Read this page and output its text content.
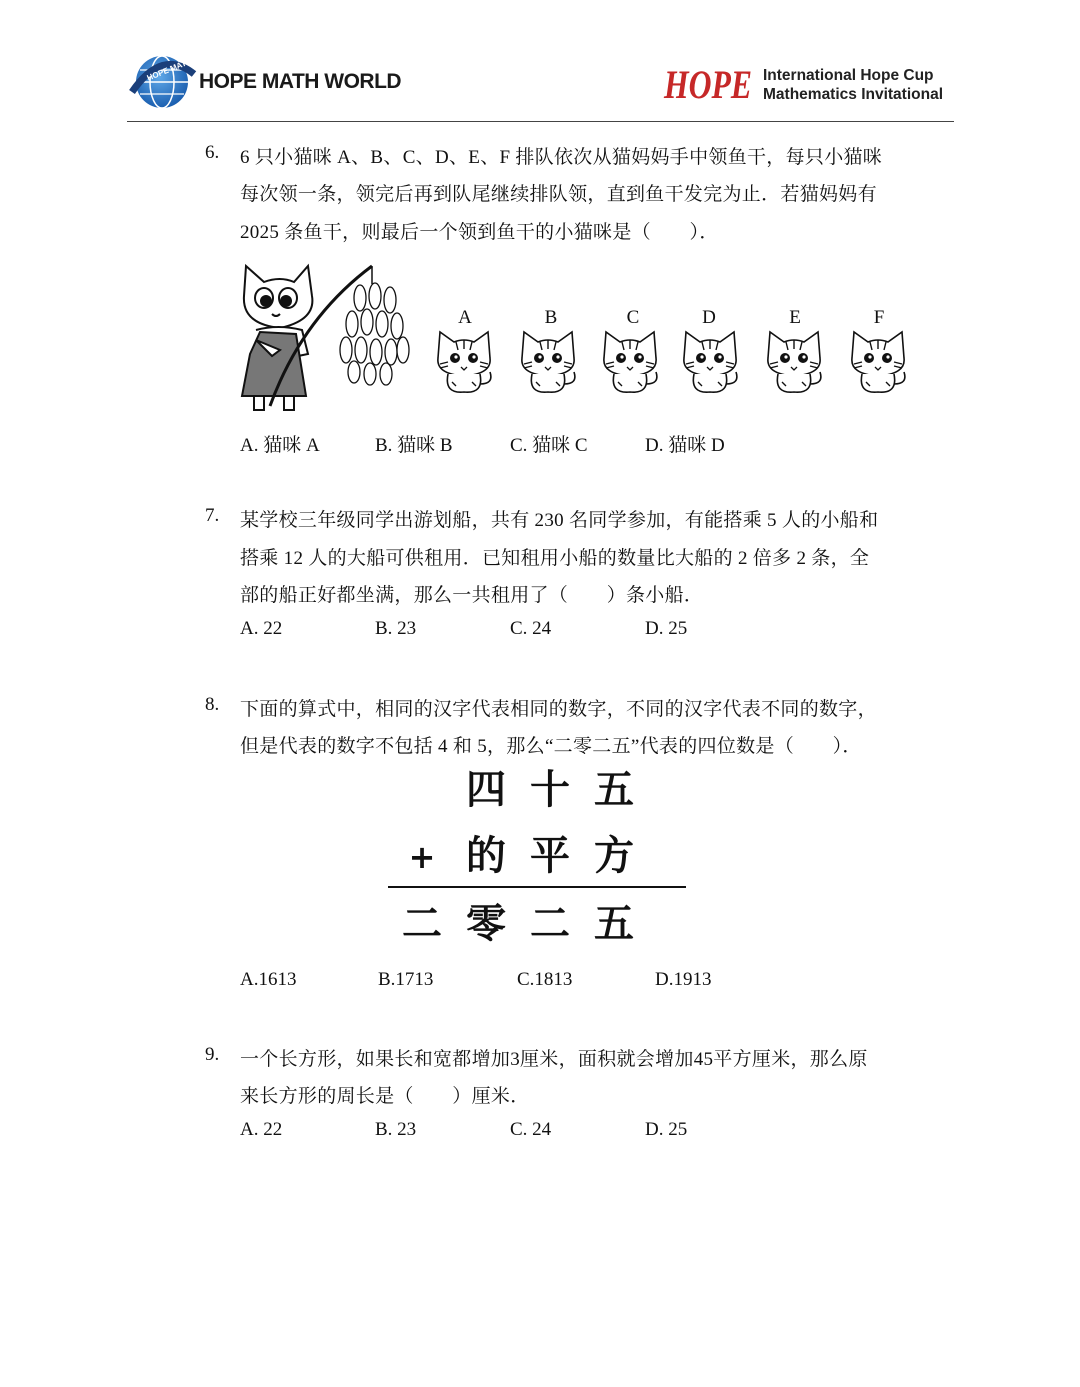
HOPE MATH WORLD
HOPE MATH WORLD	HOPE International Hope Cup
Mathematics Invitational
6. 6 只小猫咪 A、B、C、D、E、F 排队依次从猫妈妈手中领鱼干，每只小猫咪
每次领一条，领完后再到队尾继续排队领，直到鱼干发完为止．若猫妈妈有
2025 条鱼干，则最后一个领到鱼干的小猫咪是（　　）．
A	B	C	D	E	F
A. 猫咪 A	B. 猫咪 B	C. 猫咪 C	D. 猫咪 D
7. 某学校三年级同学出游划船，共有 230 名同学参加，有能搭乘 5 人的小船和
搭乘 12 人的大船可供租用．已知租用小船的数量比大船的 2 倍多 2 条，全
部的船正好都坐满，那么一共租用了（　　）条小船．
A. 22	B. 23	C. 24	D. 25
8. 下面的算式中，相同的汉字代表相同的数字，不同的汉字代表不同的数字，
但是代表的数字不包括 4 和 5，那么“二零二五”代表的四位数是（　　）．
四 十 五
+ 的 平 方
二 零 二 五
A.1613	B.1713	C.1813	D.1913
9. 一个长方形，如果长和宽都增加3厘米，面积就会增加45平方厘米，那么原
来长方形的周长是（　　）厘米．
A. 22	B. 23	C. 24	D. 25
